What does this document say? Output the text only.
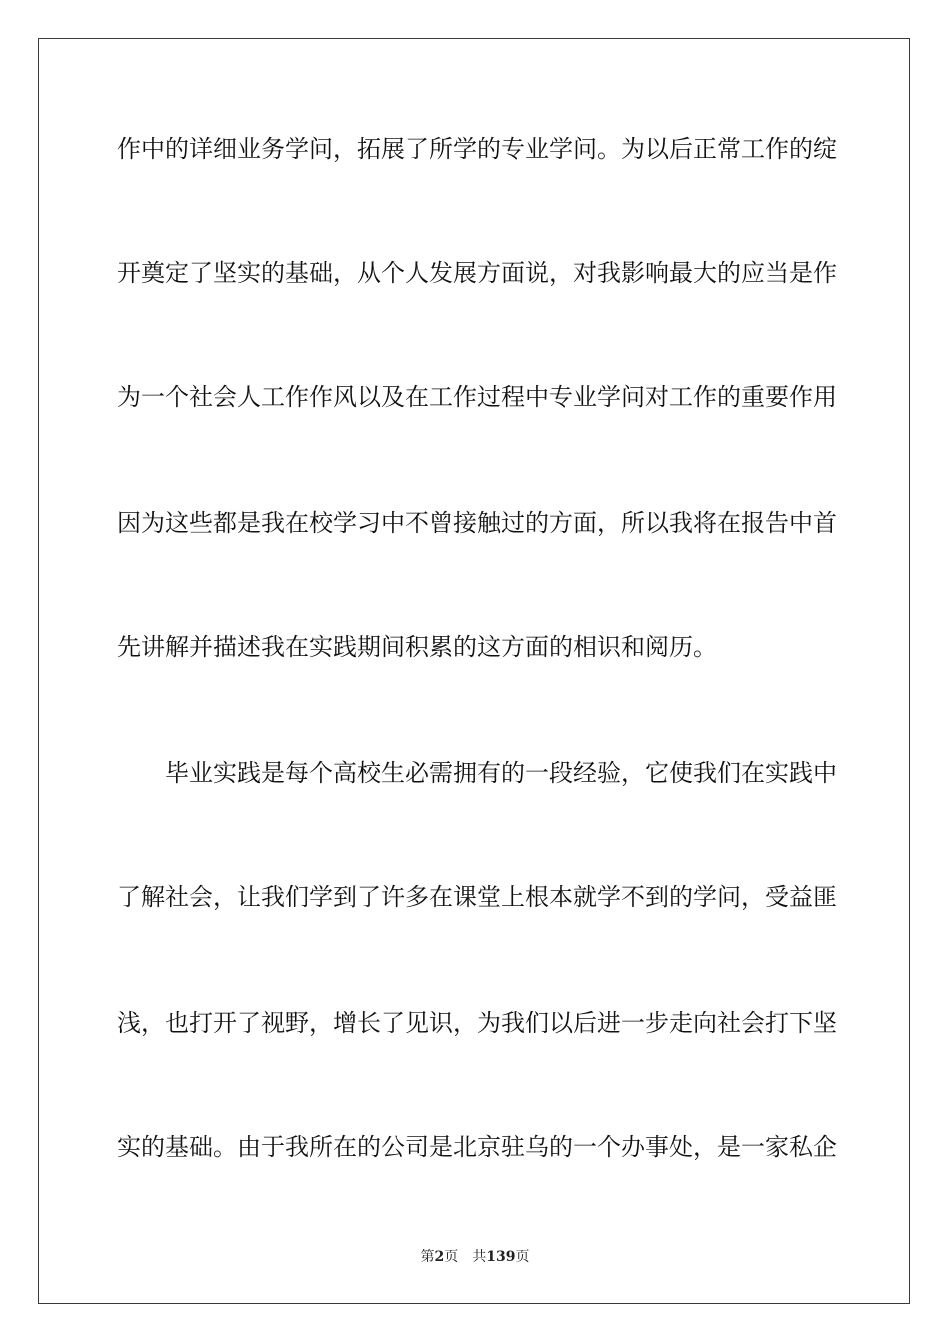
作中的详细业务学问，拓展了所学的专业学问。为以后正常工作的绽
开奠定了坚实的基础，从个人发展方面说，对我影响最大的应当是作
为一个社会人工作作风以及在工作过程中专业学问对工作的重要作用
因为这些都是我在校学习中不曾接触过的方面，所以我将在报告中首
先讲解并描述我在实践期间积累的这方面的相识和阅历。
毕业实践是每个高校生必需拥有的一段经验，它使我们在实践中
了解社会，让我们学到了许多在课堂上根本就学不到的学问，受益匪
浅，也打开了视野，增长了见识，为我们以后进一步走向社会打下坚
实的基础。由于我所在的公司是北京驻乌的一个办事处，是一家私企
第2页 共139页
